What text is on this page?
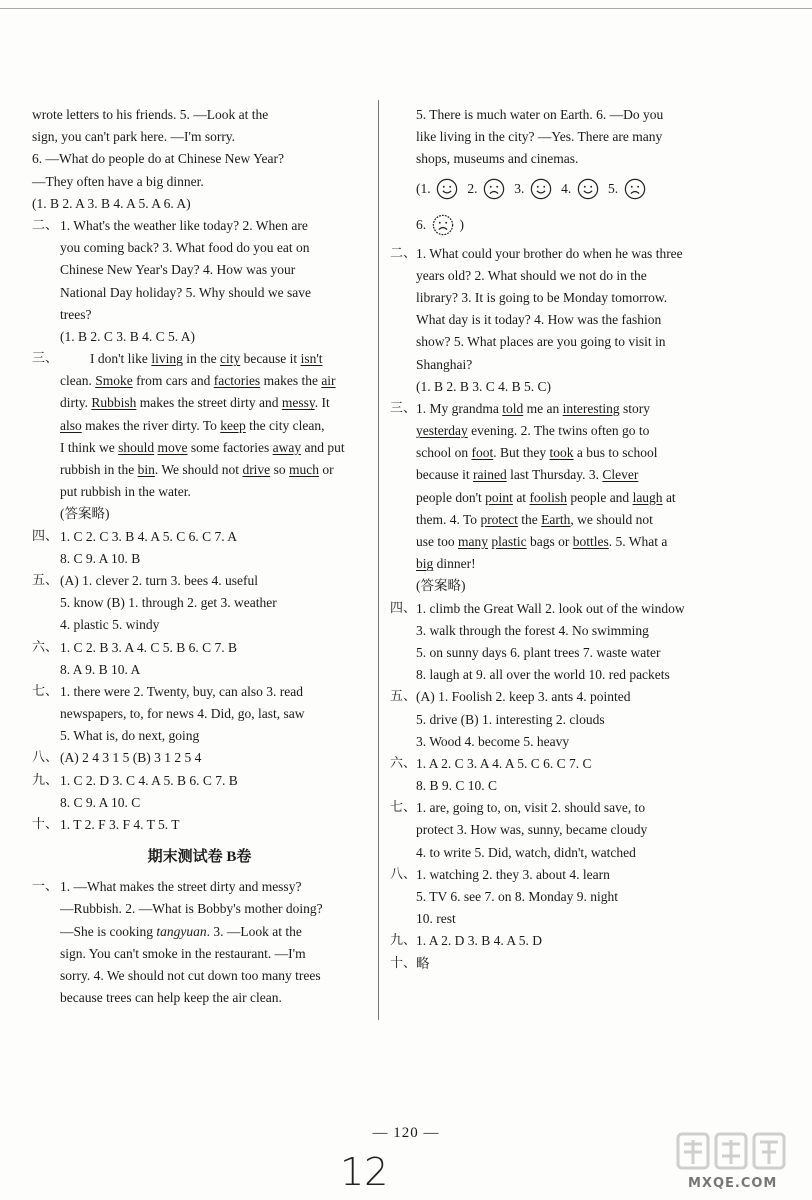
wrote letters to his friends. 5. —Look at the
sign, you can't park here. —I'm sorry.
6. —What do people do at Chinese New Year?
—They often have a big dinner.
(1. B 2. A 3. B 4. A 5. A 6. A)
二、 1. What's the weather like today? 2. When are
you coming back? 3. What food do you eat on
Chinese New Year's Day? 4. How was your
National Day holiday? 5. Why should we save
trees?
(1. B 2. C 3. B 4. C 5. A)
三、 I don't like living in the city because it isn't
clean. Smoke from cars and factories makes the air
dirty. Rubbish makes the street dirty and messy. It
also makes the river dirty. To keep the city clean,
I think we should move some factories away and put
rubbish in the bin. We should not drive so much or
put rubbish in the water.
(答案略)
四、 1. C 2. C 3. B 4. A 5. C 6. C 7. A
8. C 9. A 10. B
五、 (A) 1. clever 2. turn 3. bees 4. useful
5. know (B) 1. through 2. get 3. weather
4. plastic 5. windy
六、 1. C 2. B 3. A 4. C 5. B 6. C 7. B
8. A 9. B 10. A
七、 1. there were 2. Twenty, buy, can also 3. read
newspapers, to, for news 4. Did, go, last, saw
5. What is, do next, going
八、 (A) 2 4 3 1 5 (B) 3 1 2 5 4
九、 1. C 2. D 3. C 4. A 5. B 6. C 7. B
8. C 9. A 10. C
十、 1. T 2. F 3. F 4. T 5. T
期末测试卷 B卷
一、 1. —What makes the street dirty and messy?
—Rubbish. 2. —What is Bobby's mother doing?
—She is cooking tangyuan. 3. —Look at the
sign. You can't smoke in the restaurant. —I'm
sorry. 4. We should not cut down too many trees
because trees can help keep the air clean.
5. There is much water on Earth. 6. —Do you
like living in the city? —Yes. There are many
shops, museums and cinemas.
(1.	2.	3.	4.	5.
6. )
二、 1. What could your brother do when he was three
years old? 2. What should we not do in the
library? 3. It is going to be Monday tomorrow.
What day is it today? 4. How was the fashion
show? 5. What places are you going to visit in
Shanghai?
(1. B 2. B 3. C 4. B 5. C)
三、 1. My grandma told me an interesting story
yesterday evening. 2. The twins often go to
school on foot. But they took a bus to school
because it rained last Thursday. 3. Clever
people don't point at foolish people and laugh at
them. 4. To protect the Earth, we should not
use too many plastic bags or bottles. 5. What a
big dinner!
(答案略)
四、 1. climb the Great Wall 2. look out of the window
3. walk through the forest 4. No swimming
5. on sunny days 6. plant trees 7. waste water
8. laugh at 9. all over the world 10. red packets
五、 (A) 1. Foolish 2. keep 3. ants 4. pointed
5. drive (B) 1. interesting 2. clouds
3. Wood 4. become 5. heavy
六、 1. A 2. C 3. A 4. A 5. C 6. C 7. C
8. B 9. C 10. C
七、 1. are, going to, on, visit 2. should save, to
protect 3. How was, sunny, became cloudy
4. to write 5. Did, watch, didn't, watched
八、 1. watching 2. they 3. about 4. learn
5. TV 6. see 7. on 8. Monday 9. night
10. rest
九、 1. A 2. D 3. B 4. A 5. D
十、 略
— 120 —
12	MXQE.COM
